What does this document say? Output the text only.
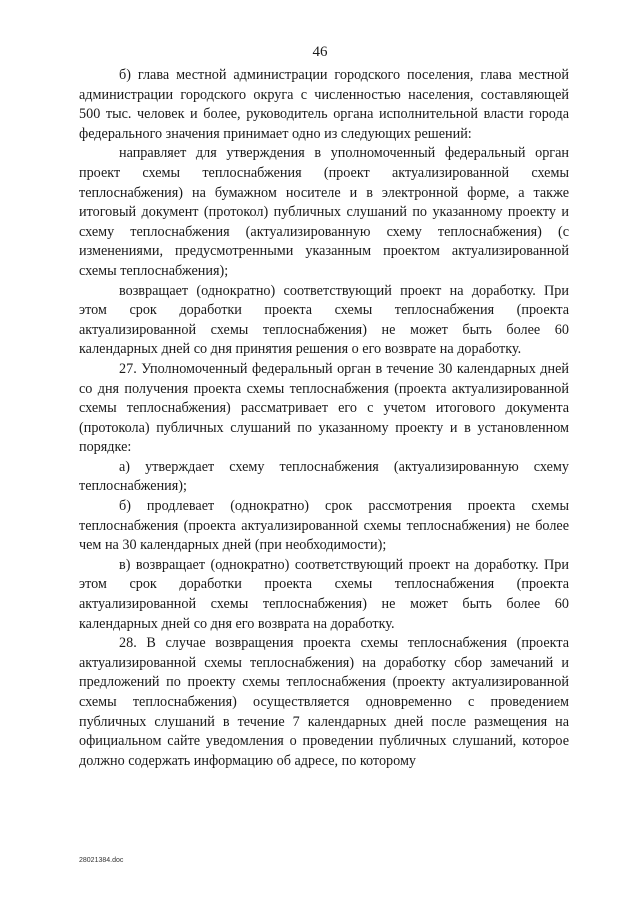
46

б) глава местной администрации городского поселения, глава местной администрации городского округа с численностью населения, составляющей 500 тыс. человек и более, руководитель органа исполнительной власти города федерального значения принимает одно из следующих решений:

направляет для утверждения в уполномоченный федеральный орган проект схемы теплоснабжения (проект актуализированной схемы теплоснабжения) на бумажном носителе и в электронной форме, а также итоговый документ (протокол) публичных слушаний по указанному проекту и схему теплоснабжения (актуализированную схему теплоснабжения) (с изменениями, предусмотренными указанным проектом актуализированной схемы теплоснабжения);

возвращает (однократно) соответствующий проект на доработку. При этом срок доработки проекта схемы теплоснабжения (проекта актуализированной схемы теплоснабжения) не может быть более 60 календарных дней со дня принятия решения о его возврате на доработку.

27. Уполномоченный федеральный орган в течение 30 календарных дней со дня получения проекта схемы теплоснабжения (проекта актуализированной схемы теплоснабжения) рассматривает его с учетом итогового документа (протокола) публичных слушаний по указанному проекту и в установленном порядке:

а) утверждает схему теплоснабжения (актуализированную схему теплоснабжения);

б) продлевает (однократно) срок рассмотрения проекта схемы теплоснабжения (проекта актуализированной схемы теплоснабжения) не более чем на 30 календарных дней (при необходимости);

в) возвращает (однократно) соответствующий проект на доработку. При этом срок доработки проекта схемы теплоснабжения (проекта актуализированной схемы теплоснабжения) не может быть более 60 календарных дней со дня его возврата на доработку.

28. В случае возвращения проекта схемы теплоснабжения (проекта актуализированной схемы теплоснабжения) на доработку сбор замечаний и предложений по проекту схемы теплоснабжения (проекту актуализированной схемы теплоснабжения) осуществляется одновременно с проведением публичных слушаний в течение 7 календарных дней после размещения на официальном сайте уведомления о проведении публичных слушаний, которое должно содержать информацию об адресе, по которому

28021384.doc
